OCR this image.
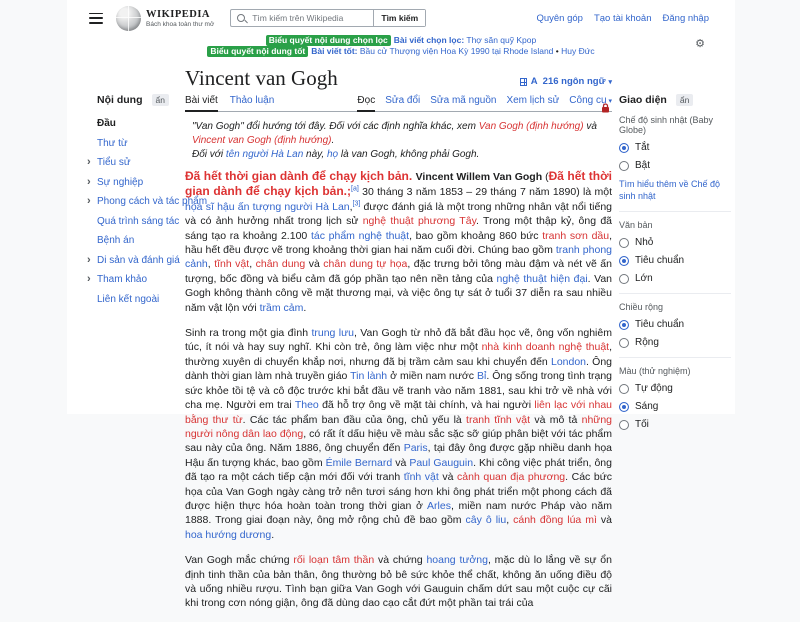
WIKIPEDIA
Bách khoa toàn thư mở
Tìm kiếm trên Wikipedia
Tìm kiếm	Quyên góp Tạo tài khoản Đăng nhập
Biểu quyết nội dung chọn lọc Bài viết chọn lọc: Thợ săn quỹ Kpop
Biểu quyết nội dung tốt Bài viết tốt: Bầu cử Thượng viện Hoa Kỳ 1990 tại Rhode Island • Huy Đức
⚙
Nội dung	ẩn
Đầu
Thư từ
› Tiểu sử
› Sự nghiệp
› Phong cách và tác phẩm
Quá trình sáng tác
Bệnh án
› Di sản và đánh giá
› Tham khảo
Liên kết ngoài
Vincent van Gogh	A 216 ngôn ngữ ▾
Bài viết Thảo luận	Đọc Sửa đổi Sửa mã nguồn Xem lịch sử Công cụ ▾
"Van Gogh" đổi hướng tới đây. Đối với các định nghĩa khác, xem Van Gogh (định hướng) và Vincent van Gogh (định hướng).
Đối với tên người Hà Lan này, họ là van Gogh, không phải Gogh.

Đã hết thời gian dành để chạy kịch bản. Vincent Willem Van Gogh (Đã hết thời gian dành để chạy kịch bản.;[a] 30 tháng 3 năm 1853 – 29 tháng 7 năm 1890) là một họa sĩ hậu ấn tượng người Hà Lan,[3] được đánh giá là một trong những nhân vật nổi tiếng và có ảnh hưởng nhất trong lịch sử nghệ thuật phương Tây. Trong một thập kỷ, ông đã sáng tạo ra khoảng 2.100 tác phẩm nghệ thuật, bao gồm khoảng 860 bức tranh sơn dầu, hầu hết đều được vẽ trong khoảng thời gian hai năm cuối đời. Chúng bao gồm tranh phong cảnh, tĩnh vật, chân dung và chân dung tự họa, đặc trưng bởi tông màu đậm và nét vẽ ấn tượng, bốc đồng và biểu cảm đã góp phần tạo nên nền tảng của nghệ thuật hiện đại. Van Gogh không thành công về mặt thương mại, và việc ông tự sát ở tuổi 37 diễn ra sau nhiều năm vật lộn với trầm cảm.

Sinh ra trong một gia đình trung lưu, Van Gogh từ nhỏ đã bắt đầu học vẽ, ông vốn nghiêm túc, ít nói và hay suy nghĩ. Khi còn trẻ, ông làm việc như một nhà kinh doanh nghệ thuật, thường xuyên di chuyển khắp nơi, nhưng đã bị trầm cảm sau khi chuyển đến London. Ông dành thời gian làm nhà truyền giáo Tin lành ở miền nam nước Bỉ. Ông sống trong tình trạng sức khỏe tồi tệ và cô độc trước khi bắt đầu vẽ tranh vào năm 1881, sau khi trở về nhà với cha mẹ. Người em trai Theo đã hỗ trợ ông về mặt tài chính, và hai người liên lạc với nhau bằng thư từ. Các tác phẩm ban đầu của ông, chủ yếu là tranh tĩnh vật và mô tả những người nông dân lao động, có rất ít dấu hiệu về màu sắc sặc sỡ giúp phân biệt với tác phẩm sau này của ông. Năm 1886, ông chuyển đến Paris, tại đây ông được gặp nhiều danh họa Hậu ấn tượng khác, bao gồm Émile Bernard và Paul Gauguin. Khi công việc phát triển, ông đã tạo ra một cách tiếp cận mới đối với tranh tĩnh vật và cảnh quan địa phương. Các bức họa của Van Gogh ngày càng trở nên tươi sáng hơn khi ông phát triển một phong cách đã được hiện thực hóa hoàn toàn trong thời gian ở Arles, miền nam nước Pháp vào năm 1888. Trong giai đoạn này, ông mở rộng chủ đề bao gồm cây ô liu, cánh đồng lúa mì và hoa hướng dương.

Van Gogh mắc chứng rối loạn tâm thần và chứng hoang tưởng, mặc dù lo lắng về sự ổn định tinh thần của bản thân, ông thường bỏ bê sức khỏe thể chất, không ăn uống điều độ và uống nhiều rượu. Tình bạn giữa Van Gogh với Gauguin chấm dứt sau một cuộc cự cãi khi trong cơn nóng giận, ông đã dùng dao cạo cắt đứt một phần tai trái của

Giao diện	ẩn
Chế độ sinh nhật (Baby Globe)
Tắt
Bật
Tìm hiểu thêm về Chế độ sinh nhật
Văn bản
Nhỏ
Tiêu chuẩn
Lớn
Chiều rộng
Tiêu chuẩn
Rộng
Màu (thử nghiệm)
Tự động
Sáng
Tối
